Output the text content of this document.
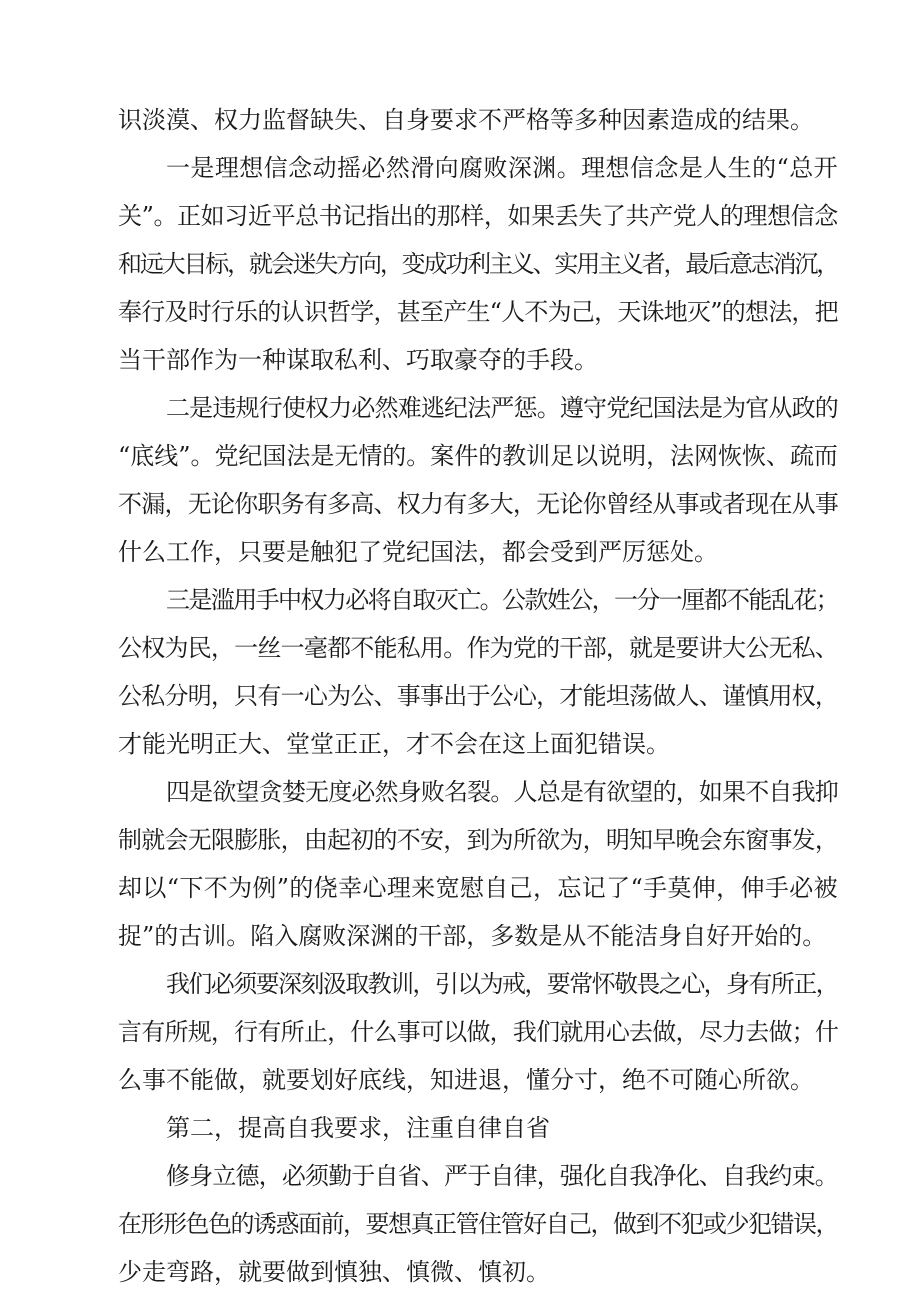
识淡漠、权力监督缺失、自身要求不严格等多种因素造成的结果。
一是理想信念动摇必然滑向腐败深渊。理想信念是人生的“总开
关”。正如习近平总书记指出的那样，如果丢失了共产党人的理想信念
和远大目标，就会迷失方向，变成功利主义、实用主义者，最后意志消沉，
奉行及时行乐的认识哲学，甚至产生“人不为己，天诛地灭”的想法，把
当干部作为一种谋取私利、巧取豪夺的手段。
二是违规行使权力必然难逃纪法严惩。遵守党纪国法是为官从政的
“底线”。党纪国法是无情的。案件的教训足以说明，法网恢恢、疏而
不漏，无论你职务有多高、权力有多大，无论你曾经从事或者现在从事
什么工作，只要是触犯了党纪国法，都会受到严厉惩处。
三是滥用手中权力必将自取灭亡。公款姓公，一分一厘都不能乱花；
公权为民，一丝一毫都不能私用。作为党的干部，就是要讲大公无私、
公私分明，只有一心为公、事事出于公心，才能坦荡做人、谨慎用权，
才能光明正大、堂堂正正，才不会在这上面犯错误。
四是欲望贪婪无度必然身败名裂。人总是有欲望的，如果不自我抑
制就会无限膨胀，由起初的不安，到为所欲为，明知早晚会东窗事发，
却以“下不为例”的侥幸心理来宽慰自己，忘记了“手莫伸，伸手必被
捉”的古训。陷入腐败深渊的干部，多数是从不能洁身自好开始的。
我们必须要深刻汲取教训，引以为戒，要常怀敬畏之心，身有所正，
言有所规，行有所止，什么事可以做，我们就用心去做，尽力去做；什
么事不能做，就要划好底线，知进退，懂分寸，绝不可随心所欲。
第二，提高自我要求，注重自律自省
修身立德，必须勤于自省、严于自律，强化自我净化、自我约束。
在形形色色的诱惑面前，要想真正管住管好自己，做到不犯或少犯错误，
少走弯路，就要做到慎独、慎微、慎初。
